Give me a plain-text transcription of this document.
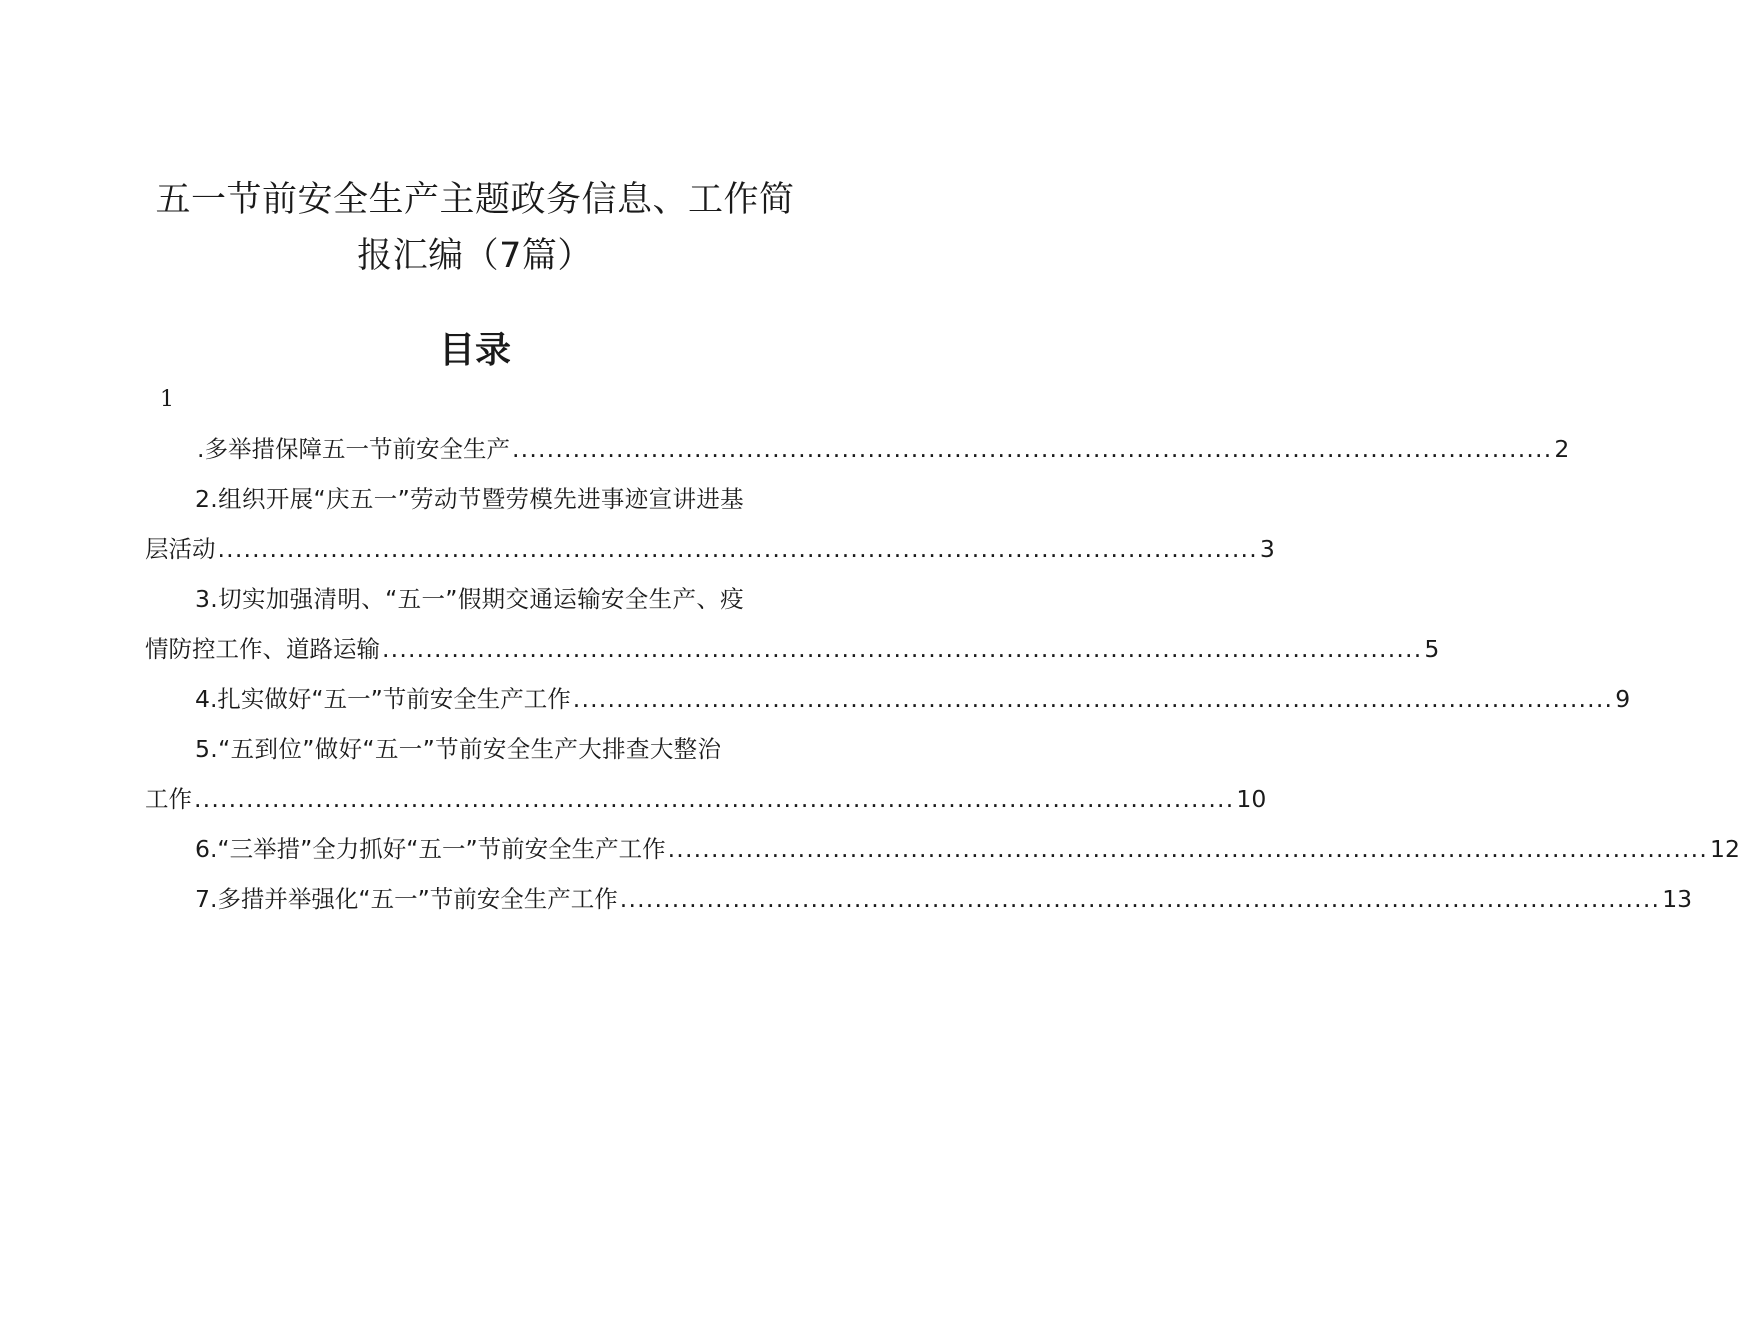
五一节前安全生产主题政务信息、工作简
报汇编（7篇）
目录
1
.多举措保障五一节前安全生产 ........................................................................................................................ 2
2.组织开展“庆五一”劳动节暨劳模先进事迹宣讲进基
层活动 ........................................................................................................................ 3
3.切实加强清明、“五一”假期交通运输安全生产、疫
情防控工作、道路运输 ........................................................................................................................ 5
4.扎实做好“五一”节前安全生产工作 ........................................................................................................................ 9
5.“五到位”做好“五一”节前安全生产大排查大整治
工作 ........................................................................................................................ 10
6.“三举措”全力抓好“五一”节前安全生产工作 ........................................................................................................................ 12
7.多措并举强化“五一”节前安全生产工作 ........................................................................................................................ 13
